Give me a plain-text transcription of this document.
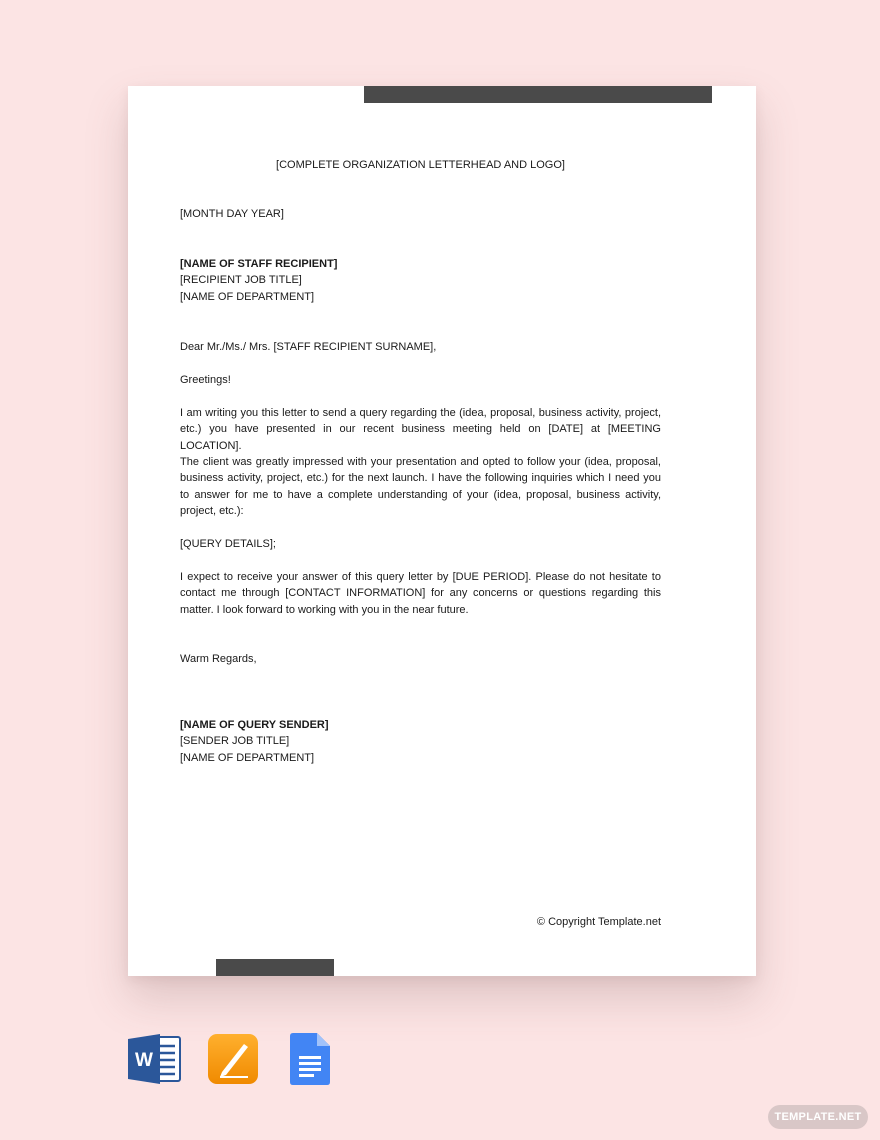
[COMPLETE ORGANIZATION LETTERHEAD AND LOGO]

[MONTH DAY YEAR]

[NAME OF STAFF RECIPIENT]

[RECIPIENT JOB TITLE]

[NAME OF DEPARTMENT]

Dear Mr./Ms./ Mrs. [STAFF RECIPIENT SURNAME],

Greetings!

I am writing you this letter to send a query regarding the (idea, proposal, business activity, project, etc.) you have presented in our recent business meeting held on [DATE] at [MEETING LOCATION].

The client was greatly impressed with your presentation and opted to follow your (idea, proposal, business activity, project, etc.) for the next launch. I have the following inquiries which I need you to answer for me to have a complete understanding of your (idea, proposal, business activity, project, etc.):

[QUERY DETAILS];

I expect to receive your answer of this query letter by [DUE PERIOD]. Please do not hesitate to contact me through [CONTACT INFORMATION] for any concerns or questions regarding this matter. I look forward to working with you in the near future.

Warm Regards,

[NAME OF QUERY SENDER]

[SENDER JOB TITLE]

[NAME OF DEPARTMENT]

© Copyright Template.net

W
TEMPLATE.NET
